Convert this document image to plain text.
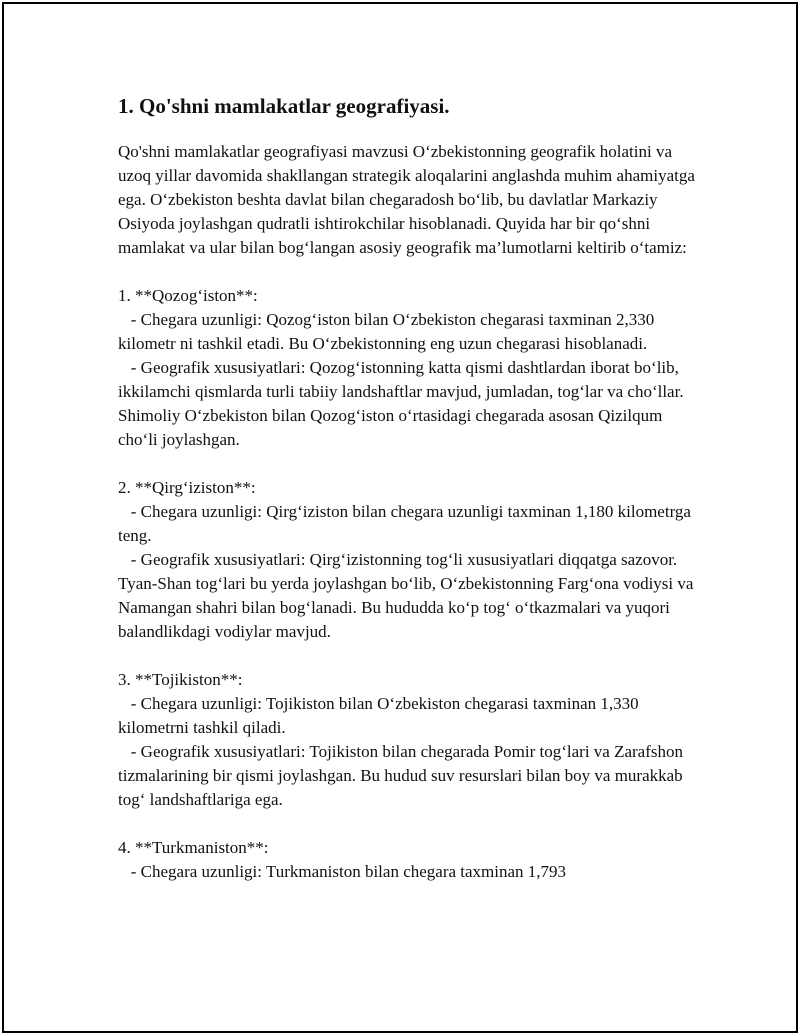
1. Qo'shni mamlakatlar geografiyasi.

Qo'shni mamlakatlar geografiyasi mavzusi O‘zbekistonning geografik holatini va uzoq yillar davomida shakllangan strategik aloqalarini anglashda muhim ahamiyatga ega. O‘zbekiston beshta davlat bilan chegaradosh bo‘lib, bu davlatlar Markaziy Osiyoda joylashgan qudratli ishtirokchilar hisoblanadi. Quyida har bir qo‘shni mamlakat va ular bilan bog‘langan asosiy geografik ma’lumotlarni keltirib o‘tamiz:

1. **Qozog‘iston**:
- Chegara uzunligi: Qozog‘iston bilan O‘zbekiston chegarasi taxminan 2,330 kilometr ni tashkil etadi. Bu O‘zbekistonning eng uzun chegarasi hisoblanadi.
- Geografik xususiyatlari: Qozog‘istonning katta qismi dashtlardan iborat bo‘lib, ikkilamchi qismlarda turli tabiiy landshaftlar mavjud, jumladan, tog‘lar va cho‘llar. Shimoliy O‘zbekiston bilan Qozog‘iston o‘rtasidagi chegarada asosan Qizilqum cho‘li joylashgan.
2. **Qirg‘iziston**:
- Chegara uzunligi: Qirg‘iziston bilan chegara uzunligi taxminan 1,180 kilometrga teng.
- Geografik xususiyatlari: Qirg‘izistonning tog‘li xususiyatlari diqqatga sazovor. Tyan-Shan tog‘lari bu yerda joylashgan bo‘lib, O‘zbekistonning Farg‘ona vodiysi va Namangan shahri bilan bog‘lanadi. Bu hududda ko‘p tog‘ o‘tkazmalari va yuqori balandlikdagi vodiylar mavjud.
3. **Tojikiston**:
- Chegara uzunligi: Tojikiston bilan O‘zbekiston chegarasi taxminan 1,330 kilometrni tashkil qiladi.
- Geografik xususiyatlari: Tojikiston bilan chegarada Pomir tog‘lari va Zarafshon tizmalarining bir qismi joylashgan. Bu hudud suv resurslari bilan boy va murakkab tog‘ landshaftlariga ega.
4. **Turkmaniston**:
- Chegara uzunligi: Turkmaniston bilan chegara taxminan 1,793
